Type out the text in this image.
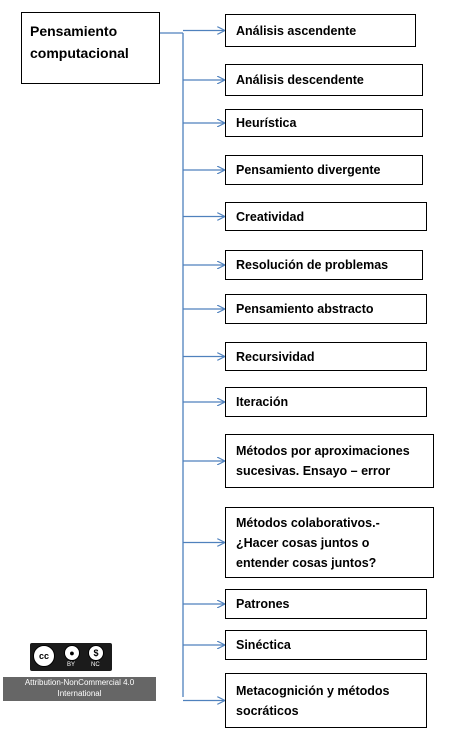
Pensamiento computacional
Análisis ascendente
Análisis descendente
Heurística
Pensamiento divergente
Creatividad
Resolución de problemas
Pensamiento abstracto
Recursividad
Iteración
Métodos por aproximaciones sucesivas. Ensayo – error
Métodos colaborativos.- ¿Hacer cosas juntos o entender cosas juntos?
Patrones
Sinéctica
Metacognición y métodos socráticos
cc	●	$
BY	NC
Attribution-NonCommercial 4.0 International
